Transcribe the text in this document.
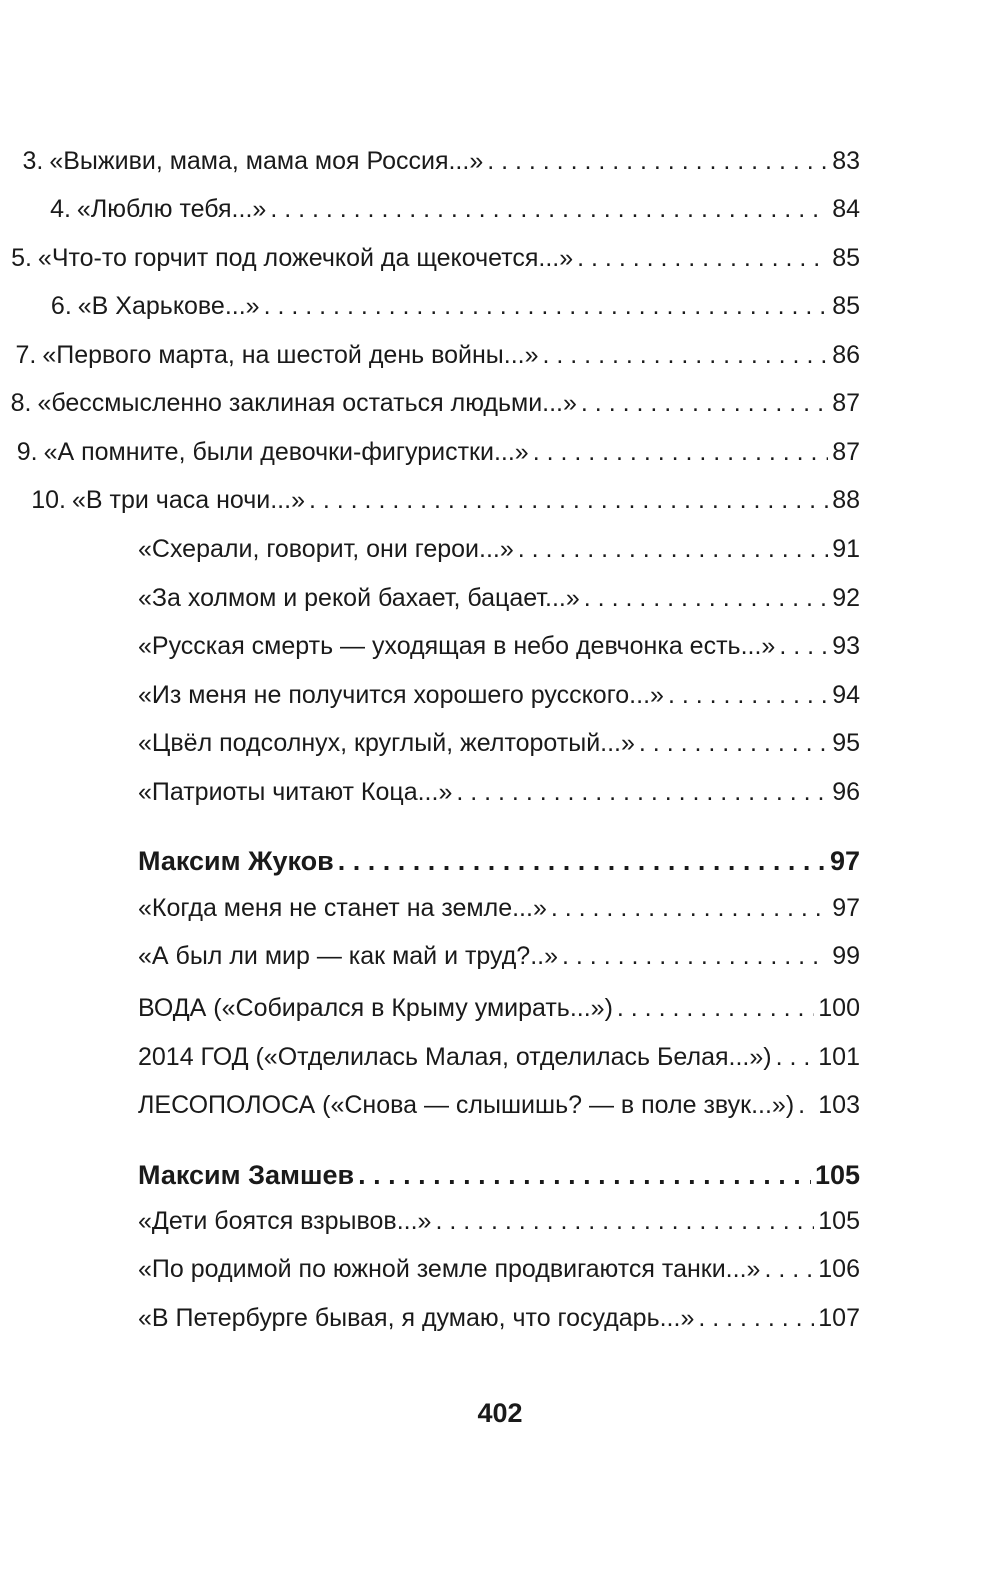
3. «Выживи, мама, мама моя Россия...» . . .	83
4. «Люблю тебя...» . . .	84
5. «Что-то горчит под ложечкой да щекочется...» . . .	85
6. «В Харькове...» . . .	85
7. «Первого марта, на шестой день войны...» . . .	86
8. «бессмысленно заклиная остаться людьми...» . . .	87
9. «А помните, были девочки-фигуристки...» . . .	87
10. «В три часа ночи...» . . .	88
«Схерали, говорит, они герои...» . . .	91
«За холмом и рекой бахает, бацает...» . . .	92
«Русская смерть — уходящая в небо девчонка есть...» . . . 93
«Из меня не получится хорошего русского...» . . .	94
«Цвёл подсолнух, круглый, желторотый...» . . .	95
«Патриоты читают Коца...» . . .	96
Максим Жуков . . .	97
«Когда меня не станет на земле...» . . .	97
«А был ли мир — как май и труд?..» . . .	99
ВОДА («Собирался в Крыму умирать...») . . .	100
2014 ГОД («Отделилась Малая, отделилась Белая...») . . . 101
ЛЕСОПОЛОСА («Снова — слышишь? — в поле звук...») . . . 103
Максим Замшев . . .	105
«Дети боятся взрывов...» . . .	105
«По родимой по южной земле продвигаются танки...» . . . 106
«В Петербурге бывая, я думаю, что государь...» . . .	107
402
